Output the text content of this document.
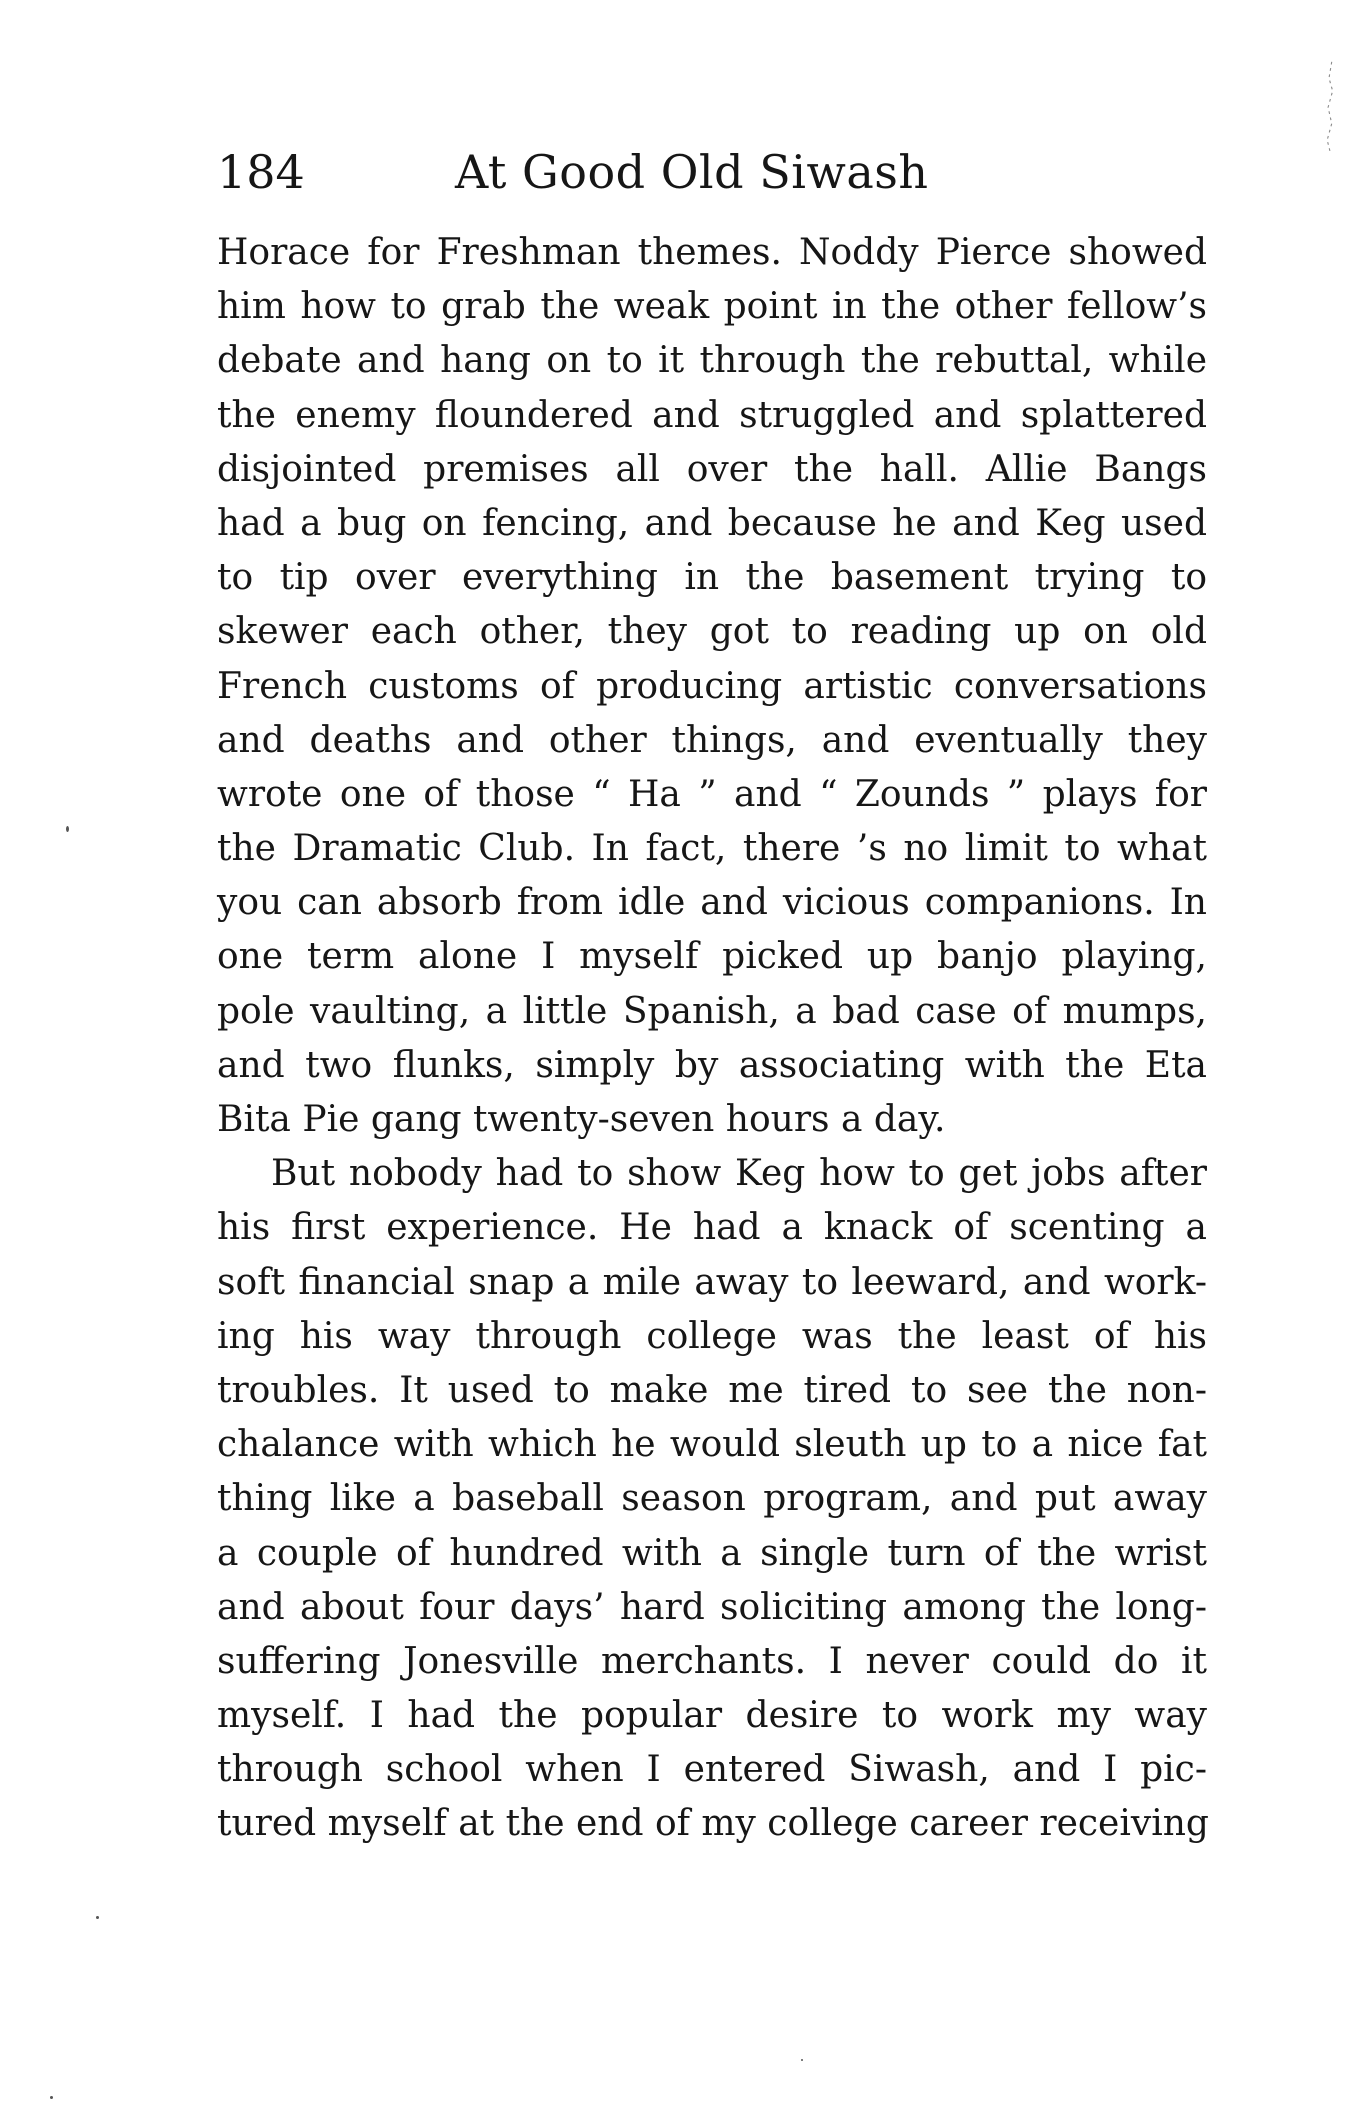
184	At Good Old Siwash
Horace for Freshman themes. Noddy Pierce showed
him how to grab the weak point in the other fellow’s
debate and hang on to it through the rebuttal, while
the enemy floundered and struggled and splattered
disjointed premises all over the hall. Allie Bangs
had a bug on fencing, and because he and Keg used
to tip over everything in the basement trying to
skewer each other, they got to reading up on old
French customs of producing artistic conversations
and deaths and other things, and eventually they
wrote one of those “ Ha ” and “ Zounds ” plays for
the Dramatic Club. In fact, there ’s no limit to what
you can absorb from idle and vicious companions. In
one term alone I myself picked up banjo playing,
pole vaulting, a little Spanish, a bad case of mumps,
and two flunks, simply by associating with the Eta
Bita Pie gang twenty-seven hours a day.
But nobody had to show Keg how to get jobs after
his first experience. He had a knack of scenting a
soft financial snap a mile away to leeward, and work-
ing his way through college was the least of his
troubles. It used to make me tired to see the non-
chalance with which he would sleuth up to a nice fat
thing like a baseball season program, and put away
a couple of hundred with a single turn of the wrist
and about four days’ hard soliciting among the long-
suffering Jonesville merchants. I never could do it
myself. I had the popular desire to work my way
through school when I entered Siwash, and I pic-
tured myself at the end of my college career receiving
